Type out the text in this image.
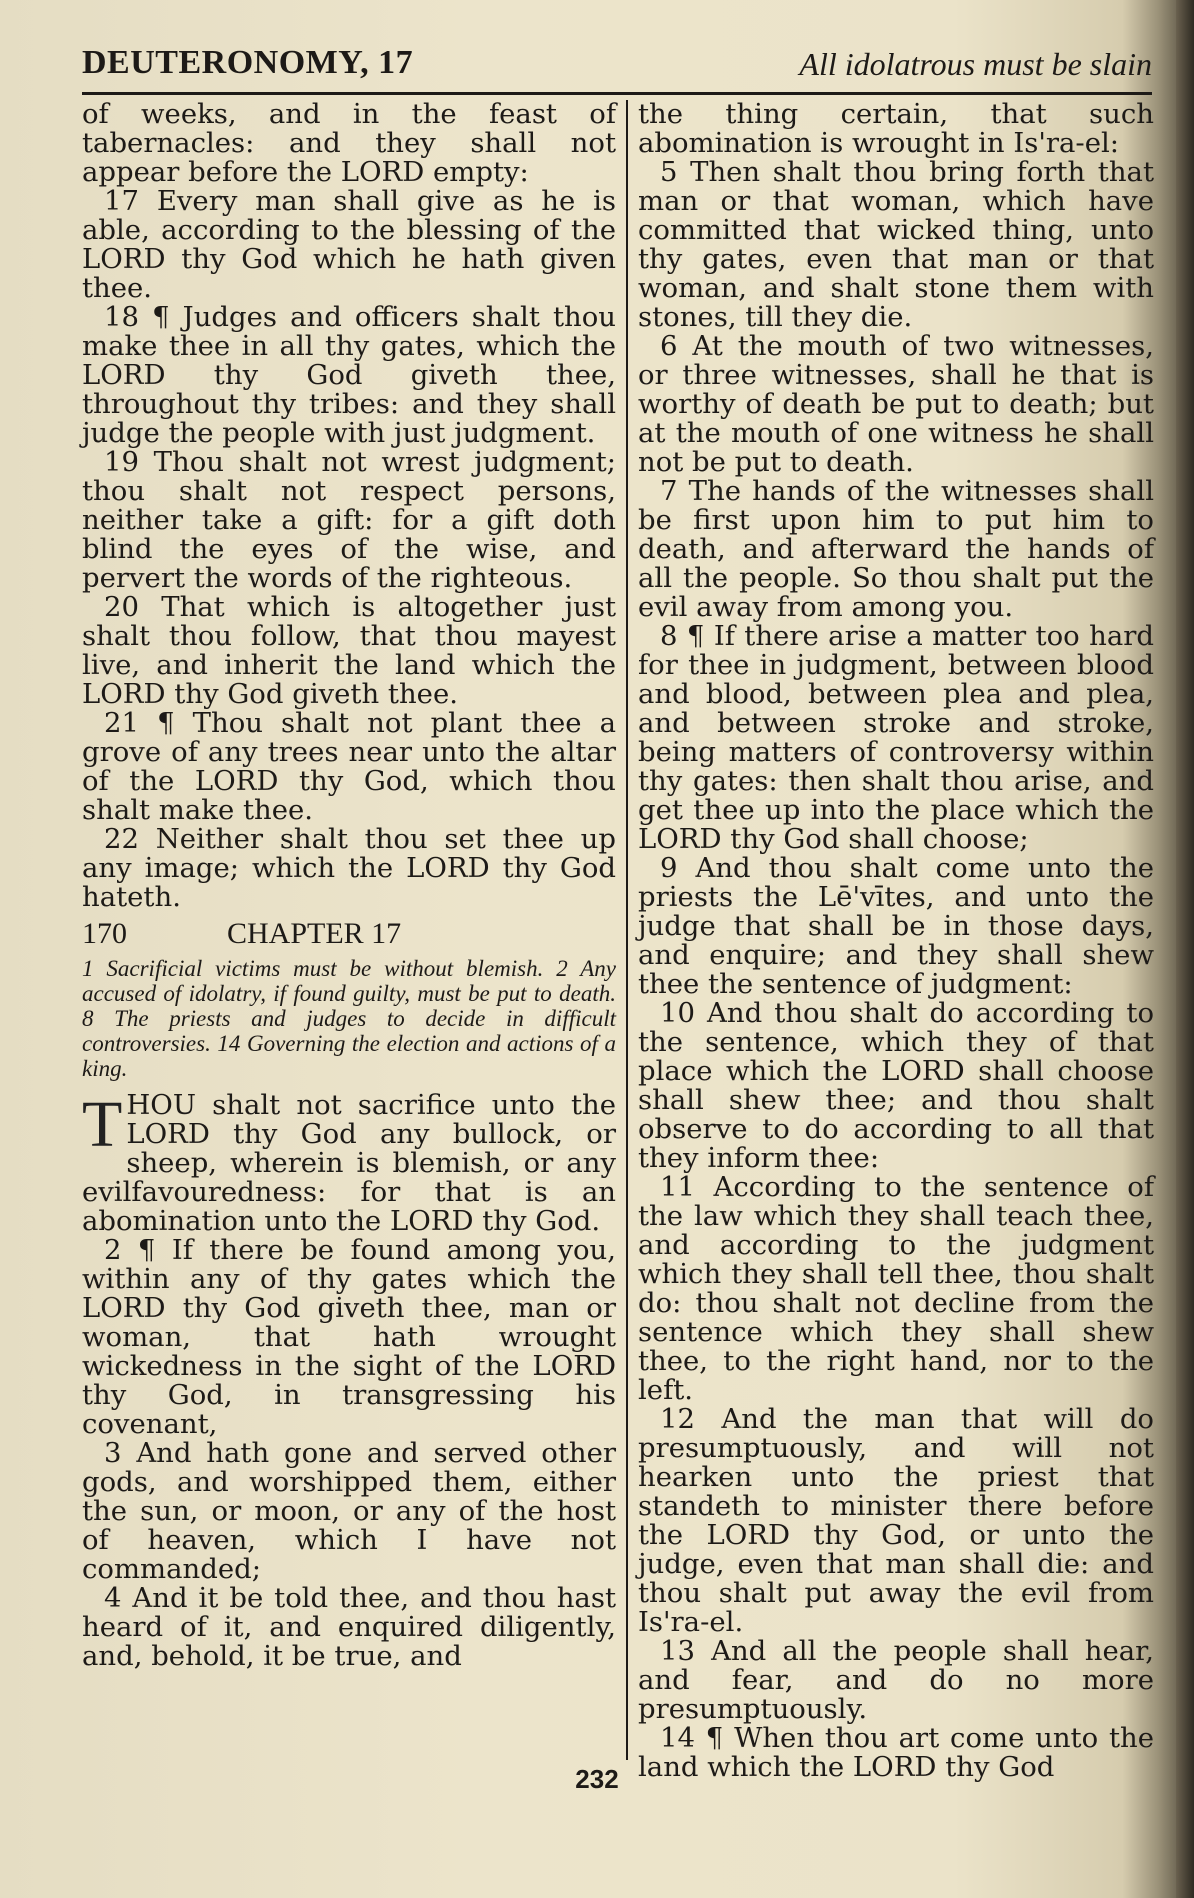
DEUTERONOMY, 17	All idolatrous must be slain

of weeks, and in the feast of tabernacles: and they shall not appear before the LORD empty:

17 Every man shall give as he is able, according to the blessing of the LORD thy God which he hath given thee.

18 ¶ Judges and officers shalt thou make thee in all thy gates, which the LORD thy God giveth thee, throughout thy tribes: and they shall judge the people with just judgment.

19 Thou shalt not wrest judgment; thou shalt not respect persons, neither take a gift: for a gift doth blind the eyes of the wise, and pervert the words of the righteous.

20 That which is altogether just shalt thou follow, that thou mayest live, and inherit the land which the LORD thy God giveth thee.

21 ¶ Thou shalt not plant thee a grove of any trees near unto the altar of the LORD thy God, which thou shalt make thee.

22 Neither shalt thou set thee up any image; which the LORD thy God hateth.

170	CHAPTER 17
1 Sacrificial victims must be without blemish. 2 Any accused of idolatry, if found guilty, must be put to death. 8 The priests and judges to decide in difficult controversies. 14 Governing the election and actions of a king.

THOU shalt not sacrifice unto the LORD thy God any bullock, or sheep, wherein is blemish, or any evilfavouredness: for that is an abomination unto the LORD thy God.

2 ¶ If there be found among you, within any of thy gates which the LORD thy God giveth thee, man or woman, that hath wrought wickedness in the sight of the LORD thy God, in transgressing his covenant,

3 And hath gone and served other gods, and worshipped them, either the sun, or moon, or any of the host of heaven, which I have not commanded;

4 And it be told thee, and thou hast heard of it, and enquired diligently, and, behold, it be true, and

the thing certain, that such abomination is wrought in Is'ra-el:

5 Then shalt thou bring forth that man or that woman, which have committed that wicked thing, unto thy gates, even that man or that woman, and shalt stone them with stones, till they die.

6 At the mouth of two witnesses, or three witnesses, shall he that is worthy of death be put to death; but at the mouth of one witness he shall not be put to death.

7 The hands of the witnesses shall be first upon him to put him to death, and afterward the hands of all the people. So thou shalt put the evil away from among you.

8 ¶ If there arise a matter too hard for thee in judgment, between blood and blood, between plea and plea, and between stroke and stroke, being matters of controversy within thy gates: then shalt thou arise, and get thee up into the place which the LORD thy God shall choose;

9 And thou shalt come unto the priests the Lē'vītes, and unto the judge that shall be in those days, and enquire; and they shall shew thee the sentence of judgment:

10 And thou shalt do according to the sentence, which they of that place which the LORD shall choose shall shew thee; and thou shalt observe to do according to all that they inform thee:

11 According to the sentence of the law which they shall teach thee, and according to the judgment which they shall tell thee, thou shalt do: thou shalt not decline from the sentence which they shall shew thee, to the right hand, nor to the left.

12 And the man that will do presumptuously, and will not hearken unto the priest that standeth to minister there before the LORD thy God, or unto the judge, even that man shall die: and thou shalt put away the evil from Is'ra-el.

13 And all the people shall hear, and fear, and do no more presumptuously.

14 ¶ When thou art come unto the land which the LORD thy God

232
